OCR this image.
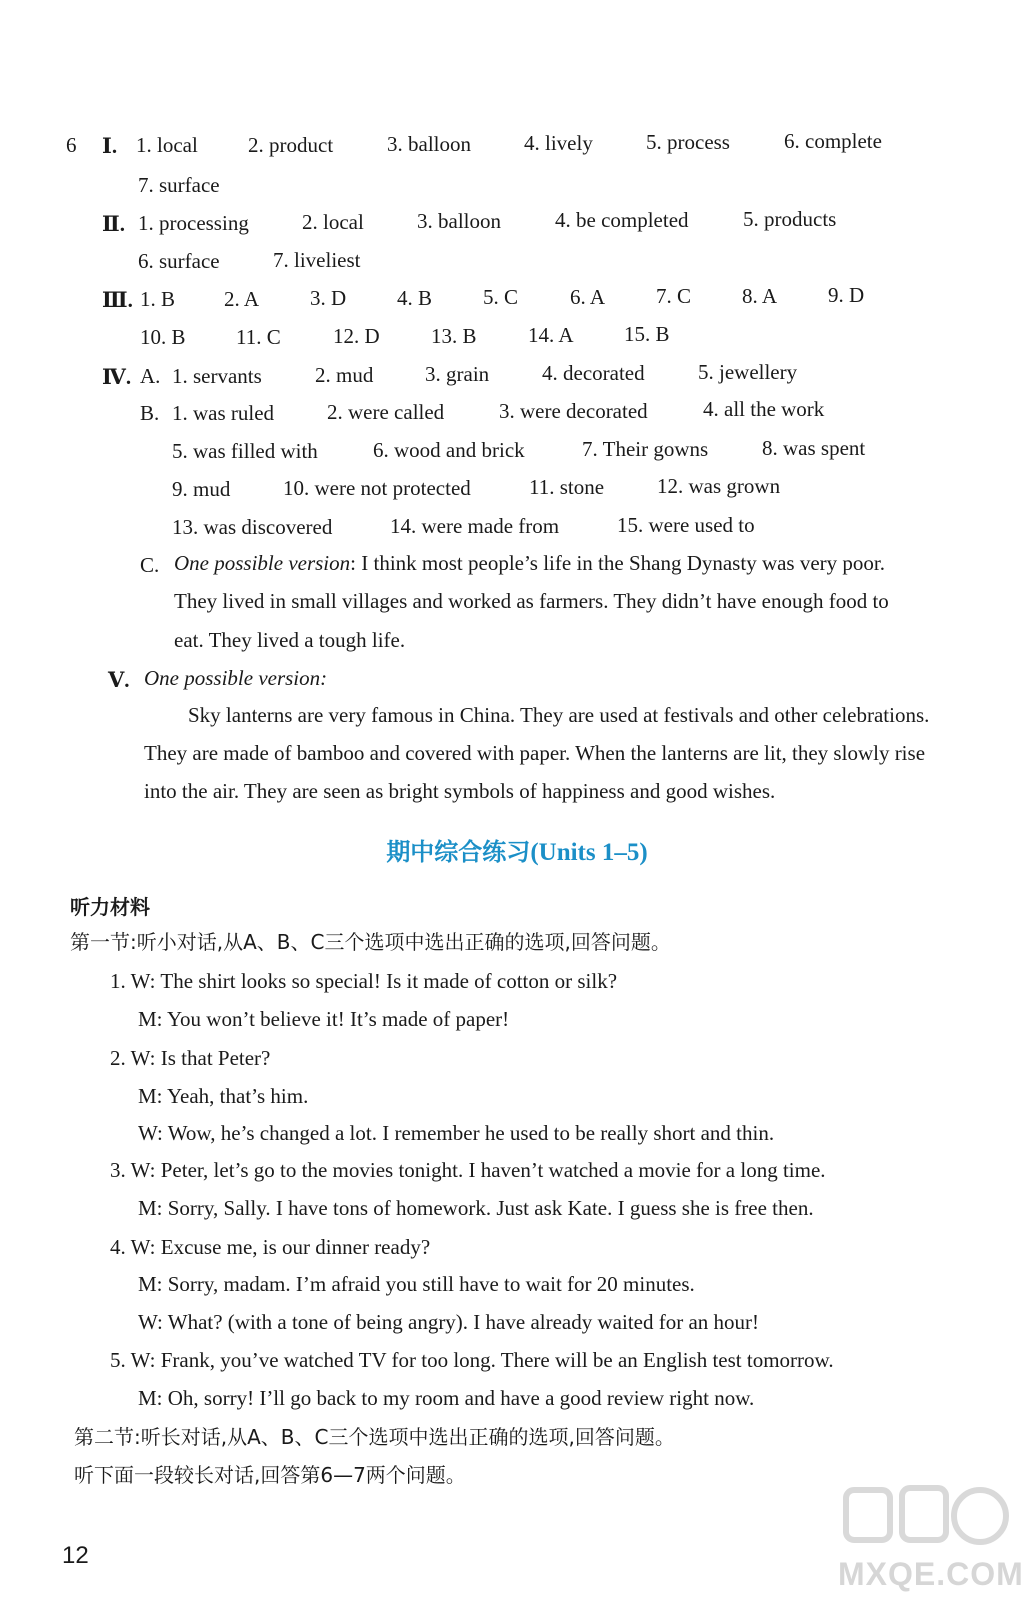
6 Ⅰ. 1. local 2. product	3. balloon	4. lively	5. process	6. complete
7. surface
Ⅱ. 1. processing	2. local	3. balloon	4. be completed	5. products
6. surface	7. liveliest
Ⅲ. 1. B 2. A 3. D 4. B 5. C 6. A 7. C 8. A 9. D
10. B 11. C 12. D 13. B 14. A 15. B
Ⅳ. A. 1. servants	2. mud 3. grain	4. decorated	5. jewellery
B. 1. was ruled	2. were called	3. were decorated	4. all the work
5. was filled with	6. wood and brick	7. Their gowns	8. was spent
9. mud	10. were not protected	11. stone	12. was grown
13. was discovered	14. were made from	15. were used to
C. One possible version: I think most people’s life in the Shang Dynasty was very poor.
They lived in small villages and worked as farmers. They didn’t have enough food to
eat. They lived a tough life.
Ⅴ. One possible version:
Sky lanterns are very famous in China. They are used at festivals and other celebrations.
They are made of bamboo and covered with paper. When the lanterns are lit, they slowly rise
into the air. They are seen as bright symbols of happiness and good wishes.
期中综合练习(Units 1–5)
听力材料
第一节:听小对话,从A、B、C三个选项中选出正确的选项,回答问题。
1. W: The shirt looks so special! Is it made of cotton or silk?
M: You won’t believe it! It’s made of paper!
2. W: Is that Peter?
M: Yeah, that’s him.
W: Wow, he’s changed a lot. I remember he used to be really short and thin.
3. W: Peter, let’s go to the movies tonight. I haven’t watched a movie for a long time.
M: Sorry, Sally. I have tons of homework. Just ask Kate. I guess she is free then.
4. W: Excuse me, is our dinner ready?
M: Sorry, madam. I’m afraid you still have to wait for 20 minutes.
W: What? (with a tone of being angry). I have already waited for an hour!
5. W: Frank, you’ve watched TV for too long. There will be an English test tomorrow.
M: Oh, sorry! I’ll go back to my room and have a good review right now.
第二节:听长对话,从A、B、C三个选项中选出正确的选项,回答问题。
听下面一段较长对话,回答第6—7两个问题。
12
MXQE.COM
